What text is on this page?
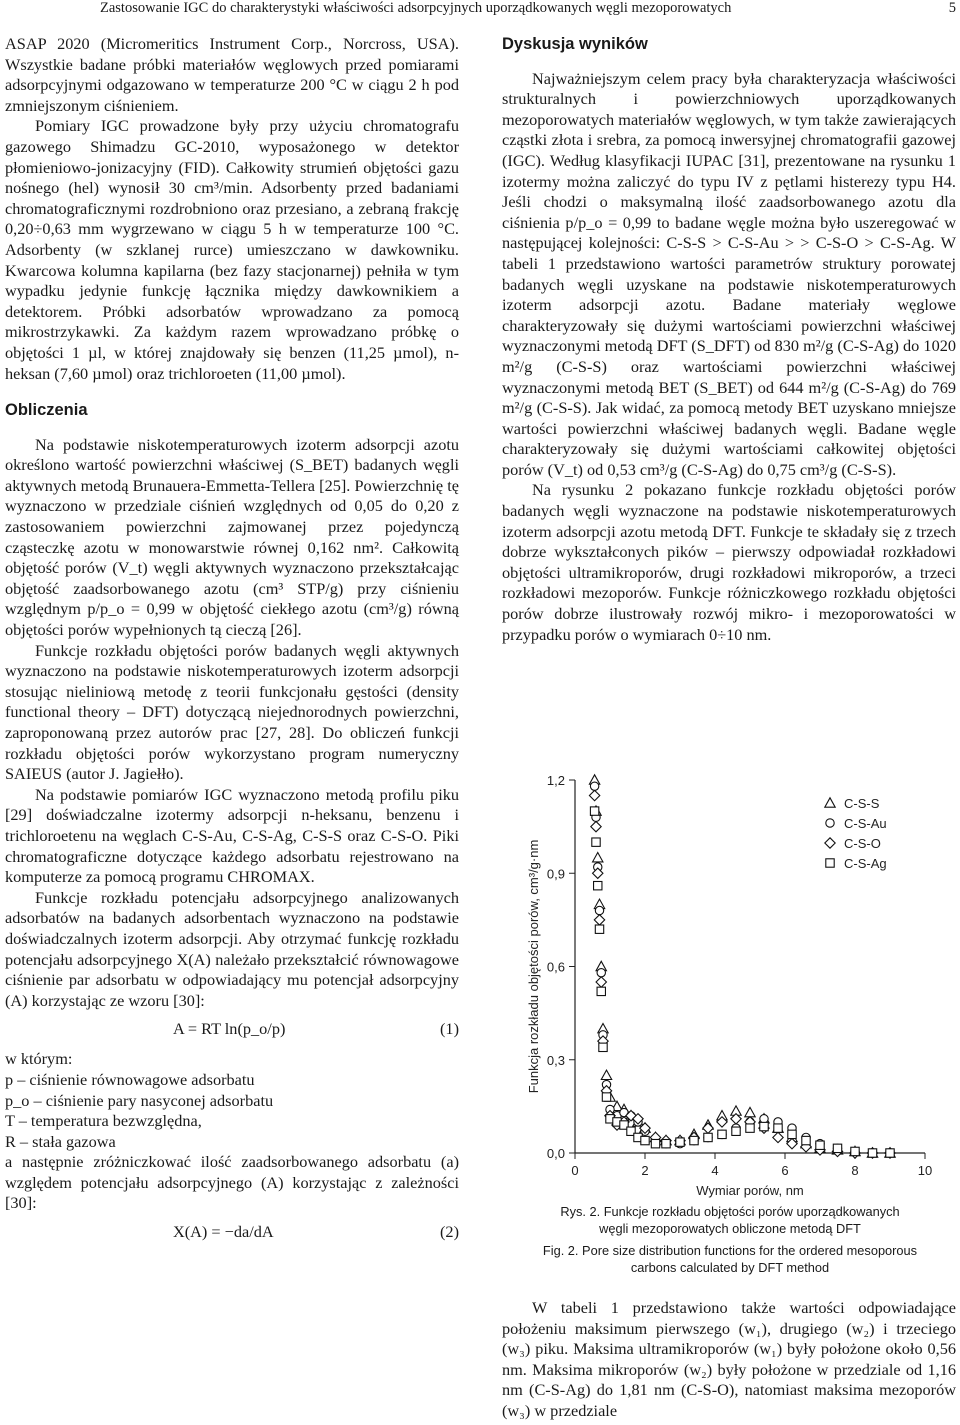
Zastosowanie IGC do charakterystyki właściwości adsorpcyjnych uporządkowanych węgli mezoporowatych	5

ASAP 2020 (Micromeritics Instrument Corp., Norcross, USA). Wszystkie badane próbki materiałów węglowych przed pomiarami adsorpcyjnymi odgazowano w temperaturze 200 °C w ciągu 2 h pod zmniejszonym ciśnieniem.

Pomiary IGC prowadzone były przy użyciu chromatografu gazowego Shimadzu GC-2010, wyposażonego w detektor płomieniowo-jonizacyjny (FID). Całkowity strumień objętości gazu nośnego (hel) wynosił 30 cm³/min. Adsorbenty przed badaniami chromatograficznymi rozdrobniono oraz przesiano, a zebraną frakcję 0,20÷0,63 mm wygrzewano w ciągu 5 h w temperaturze 100 °C. Adsorbenty (w szklanej rurce) umieszczano w dawkowniku. Kwarcowa kolumna kapilarna (bez fazy stacjonarnej) pełniła w tym wypadku jedynie funkcję łącznika między dawkownikiem a detektorem. Próbki adsorbatów wprowadzano za pomocą mikrostrzykawki. Za każdym razem wprowadzano próbkę o objętości 1 µl, w której znajdowały się benzen (11,25 µmol), n-heksan (7,60 µmol) oraz trichloroeten (11,00 µmol).

Obliczenia

Na podstawie niskotemperaturowych izoterm adsorpcji azotu określono wartość powierzchni właściwej (S_BET) badanych węgli aktywnych metodą Brunauera-Emmetta-Tellera [25]. Powierzchnię tę wyznaczono w przedziale ciśnień względnych od 0,05 do 0,20 z zastosowaniem powierzchni zajmowanej przez pojedynczą cząsteczkę azotu w monowarstwie równej 0,162 nm². Całkowitą objętość porów (V_t) węgli aktywnych wyznaczono przekształcając objętość zaadsorbowanego azotu (cm³ STP/g) przy ciśnieniu względnym p/p_o = 0,99 w objętość ciekłego azotu (cm³/g) równą objętości porów wypełnionych tą cieczą [26].

Funkcje rozkładu objętości porów badanych węgli aktywnych wyznaczono na podstawie niskotemperaturowych izoterm adsorpcji stosując nieliniową metodę z teorii funkcjonału gęstości (density functional theory – DFT) dotyczącą niejednorodnych powierzchni, zaproponowaną przez autorów prac [27, 28]. Do obliczeń funkcji rozkładu objętości porów wykorzystano program numeryczny SAIEUS (autor J. Jagiełło).

Na podstawie pomiarów IGC wyznaczono metodą profilu piku [29] doświadczalne izotermy adsorpcji n-heksanu, benzenu i trichloroetenu na węglach C-S-Au, C-S-Ag, C-S-S oraz C-S-O. Piki chromatograficzne dotyczące każdego adsorbatu rejestrowano na komputerze za pomocą programu CHROMAX.

Funkcje rozkładu potencjału adsorpcyjnego analizowanych adsorbatów na badanych adsorbentach wyznaczono na podstawie doświadczalnych izoterm adsorpcji. Aby otrzymać funkcję rozkładu potencjału adsorpcyjnego X(A) należało przekształcić równowagowe ciśnienie par adsorbatu w odpowiadający mu potencjał adsorpcyjny (A) korzystając ze wzoru [30]:

A = RT ln(p_o/p)	(1)

w którym:

p – ciśnienie równowagowe adsorbatu

p_o – ciśnienie pary nasyconej adsorbatu

T – temperatura bezwzględna,

R – stała gazowa

a następnie zróżniczkować ilość zaadsorbowanego adsorbatu (a) względem potencjału adsorpcyjnego (A) korzystając z zależności [30]:

X(A) = −da/dA	(2)
Dyskusja wyników

Najważniejszym celem pracy była charakteryzacja właściwości strukturalnych i powierzchniowych uporządkowanych mezoporowatych materiałów węglowych, w tym także zawierających cząstki złota i srebra, za pomocą inwersyjnej chromatografii gazowej (IGC). Według klasyfikacji IUPAC [31], prezentowane na rysunku 1 izotermy można zaliczyć do typu IV z pętlami histerezy typu H4. Jeśli chodzi o maksymalną ilość zaadsorbowanego azotu dla ciśnienia p/p_o = 0,99 to badane węgle można było uszeregować w następującej kolejności: C-S-S > C-S-Au > > C-S-O > C-S-Ag. W tabeli 1 przedstawiono wartości parametrów struktury porowatej badanych węgli uzyskane na podstawie niskotemperaturowych izoterm adsorpcji azotu. Badane materiały węglowe charakteryzowały się dużymi wartościami powierzchni właściwej wyznaczonymi metodą DFT (S_DFT) od 830 m²/g (C-S-Ag) do 1020 m²/g (C-S-S) oraz wartościami powierzchni właściwej wyznaczonymi metodą BET (S_BET) od 644 m²/g (C-S-Ag) do 769 m²/g (C-S-S). Jak widać, za pomocą metody BET uzyskano mniejsze wartości powierzchni właściwej badanych węgli. Badane węgle charakteryzowały się dużymi wartościami całkowitej objętości porów (V_t) od 0,53 cm³/g (C-S-Ag) do 0,75 cm³/g (C-S-S).

Na rysunku 2 pokazano funkcje rozkładu objętości porów badanych węgli wyznaczone na podstawie niskotemperaturowych izoterm adsorpcji azotu metodą DFT. Funkcje te składały się z trzech dobrze wykształconych pików – pierwszy odpowiadał rozkładowi objętości ultramikroporów, drugi rozkładowi mikroporów, a trzeci rozkładowi mezoporów. Funkcje różniczkowego rozkładu objętości porów dobrze ilustrowały rozwój mikro- i mezoporowatości w przypadku porów o wymiarach 0÷10 nm.

0,0
0,3
0,6
0,9
1,2
0	2	4	6	8	10
Wymiar porów, nm
Funkcja rozkładu objętości porów, cm³/g·nm
C-S-S
C-S-Au
C-S-O
C-S-Ag
Rys. 2. Funkcje rozkładu objętości porów uporządkowanych
węgli mezoporowatych obliczone metodą DFT
Fig. 2. Pore size distribution functions for the ordered mesoporous
carbons calculated by DFT method

W tabeli 1 przedstawiono także wartości odpowiadające położeniu maksimum pierwszego (w₁), drugiego (w₂) i trzeciego (w₃) piku. Maksima ultramikroporów (w₁) były położone około 0,56 nm. Maksima mikroporów (w₂) były położone w przedziale od 1,16 nm (C-S-Ag) do 1,81 nm (C-S-O), natomiast maksima mezoporów (w₃) w przedziale
